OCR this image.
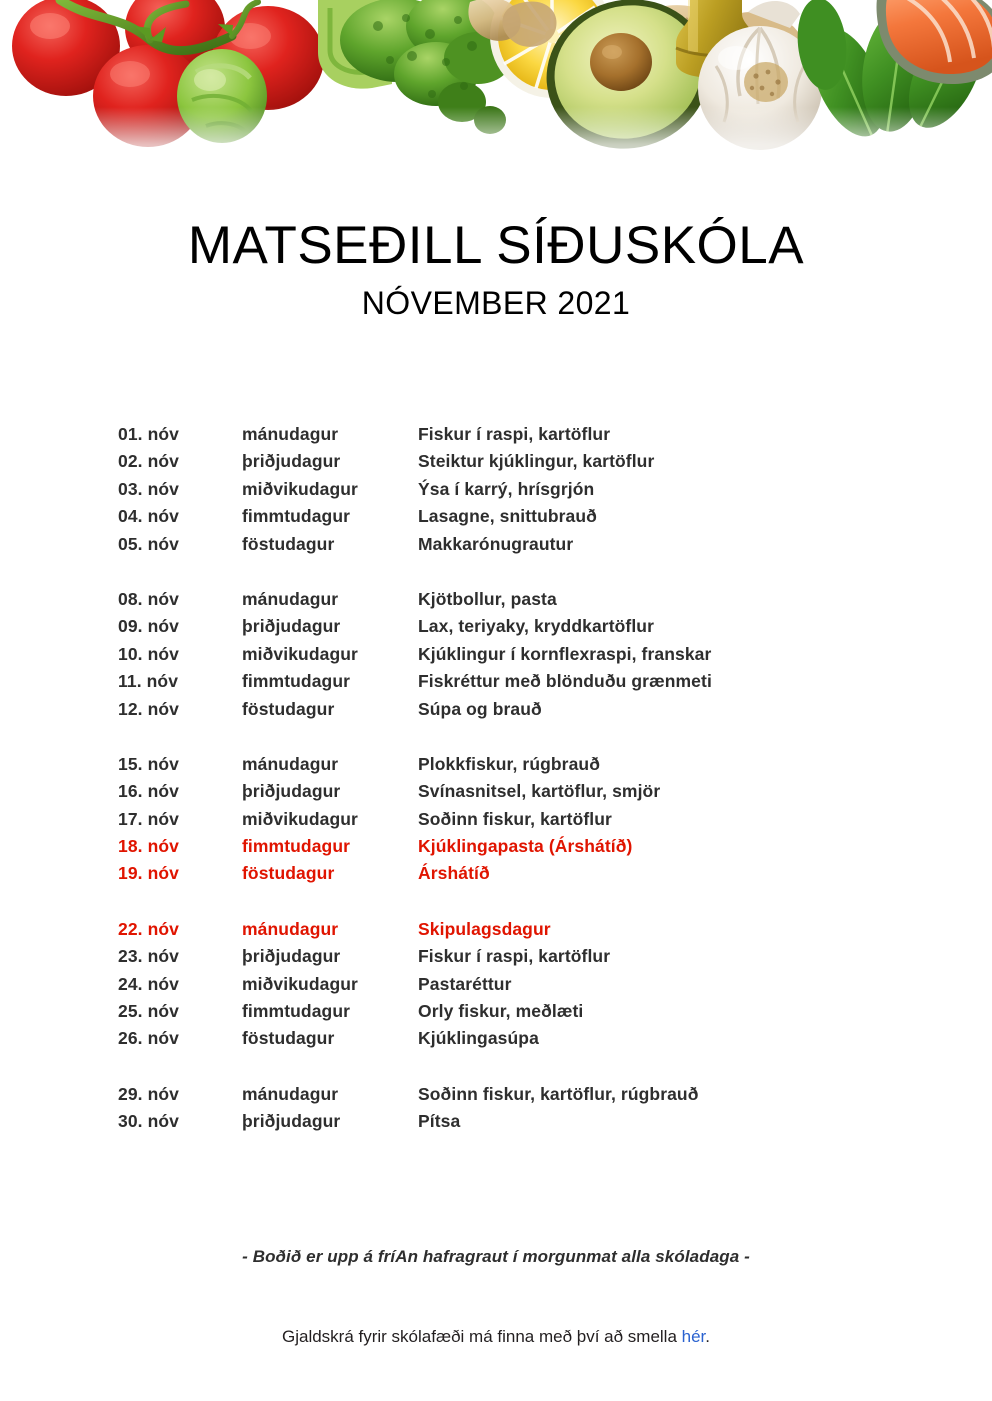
MATSEÐILL SÍÐUSKÓLA
NÓVEMBER 2021
01. nóv	mánudagur	Fiskur í raspi, kartöflur
02. nóv	þriðjudagur	Steiktur kjúklingur, kartöflur
03. nóv	miðvikudagur	Ýsa í karrý, hrísgrjón
04. nóv	fimmtudagur	Lasagne, snittubrauð
05. nóv	föstudagur	Makkarónugrautur
08. nóv	mánudagur	Kjötbollur, pasta
09. nóv	þriðjudagur	Lax, teriyaky, kryddkartöflur
10. nóv	miðvikudagur	Kjúklingur í kornflexraspi, franskar
11. nóv	fimmtudagur	Fiskréttur með blönduðu grænmeti
12. nóv	föstudagur	Súpa og brauð
15. nóv	mánudagur	Plokkfiskur, rúgbrauð
16. nóv	þriðjudagur	Svínasnitsel, kartöflur, smjör
17. nóv	miðvikudagur	Soðinn fiskur, kartöflur
18. nóv	fimmtudagur	Kjúklingapasta (Árshátíð)
19. nóv	föstudagur	Árshátíð
22. nóv	mánudagur	Skipulagsdagur
23. nóv	þriðjudagur	Fiskur í raspi, kartöflur
24. nóv	miðvikudagur	Pastaréttur
25. nóv	fimmtudagur	Orly fiskur, meðlæti
26. nóv	föstudagur	Kjúklingasúpa
29. nóv	mánudagur	Soðinn fiskur, kartöflur, rúgbrauð
30. nóv	þriðjudagur	Pítsa
- Boðið er upp á fríAn hafragraut í morgunmat alla skóladaga -
Gjaldskrá fyrir skólafæði má finna með því að smella hér.
